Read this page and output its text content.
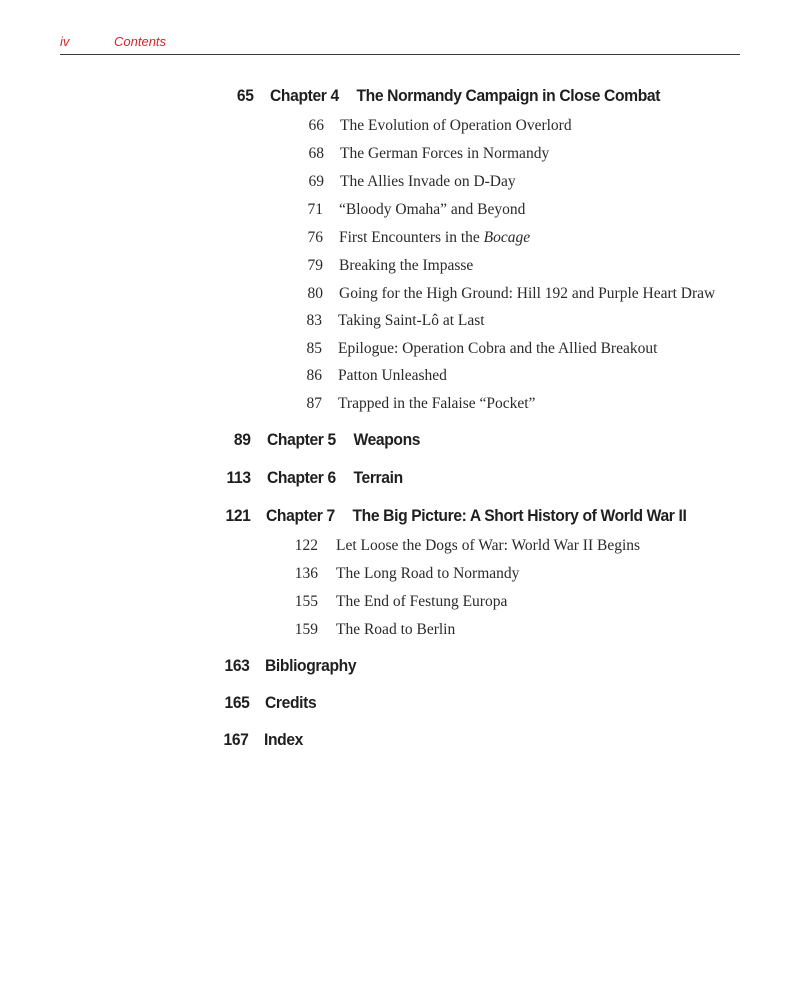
iv	Contents
65 Chapter 4 The Normandy Campaign in Close Combat
66 The Evolution of Operation Overlord
68 The German Forces in Normandy
69 The Allies Invade on D-Day
71 “Bloody Omaha” and Beyond
76 First Encounters in the Bocage
79 Breaking the Impasse
80 Going for the High Ground: Hill 192 and Purple Heart Draw
83 Taking Saint-Lô at Last
85 Epilogue: Operation Cobra and the Allied Breakout
86 Patton Unleashed
87 Trapped in the Falaise “Pocket”
89 Chapter 5 Weapons
113 Chapter 6 Terrain
121 Chapter 7 The Big Picture: A Short History of World War II
122 Let Loose the Dogs of War: World War II Begins
136 The Long Road to Normandy
155 The End of Festung Europa
159 The Road to Berlin
163 Bibliography
165 Credits
167 Index
